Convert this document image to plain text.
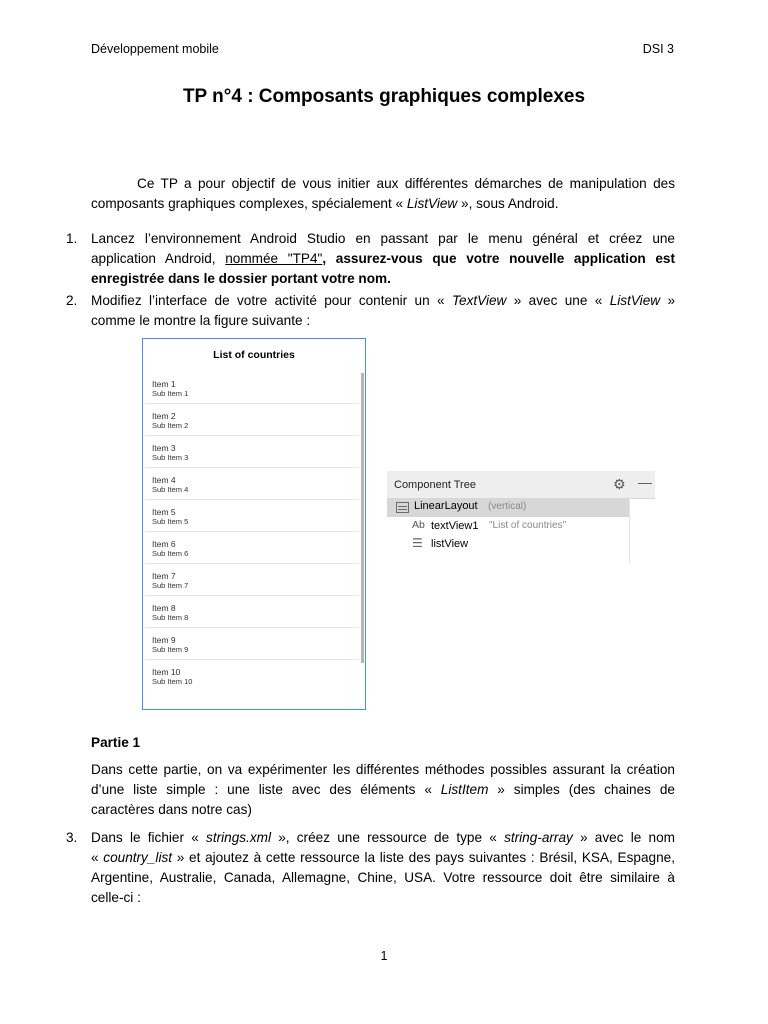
Développement mobile	DSI 3
TP n°4 : Composants graphiques complexes
Ce TP a pour objectif de vous initier aux différentes démarches de manipulation des
composants graphiques complexes, spécialement « ListView », sous Android.
1. Lancez l’environnement Android Studio en passant par le menu général et créez une
application Android, nommée "TP4", assurez-vous que votre nouvelle application est
enregistrée dans le dossier portant votre nom.
2. Modifiez l’interface de votre activité pour contenir un « TextView » avec une « ListView »
comme le montre la figure suivante :
List of countries
Item 1
Sub Item 1
Item 2
Sub Item 2
Item 3
Sub Item 3
Item 4
Sub Item 4
Item 5
Sub Item 5
Item 6
Sub Item 6
Item 7
Sub Item 7
Item 8
Sub Item 8
Item 9
Sub Item 9
Item 10
Sub Item 10
Component Tree	⚙ —
LinearLayout (vertical)
Ab textView1 "List of countries"
☰ listView
Partie 1
Dans cette partie, on va expérimenter les différentes méthodes possibles assurant la création
d’une liste simple : une liste avec des éléments « ListItem » simples (des chaines de
caractères dans notre cas)
3. Dans le fichier « strings.xml », créez une ressource de type « string-array » avec le nom
« country_list » et ajoutez à cette ressource la liste des pays suivantes : Brésil, KSA, Espagne,
Argentine, Australie, Canada, Allemagne, Chine, USA. Votre ressource doit être similaire à
celle-ci :
1
